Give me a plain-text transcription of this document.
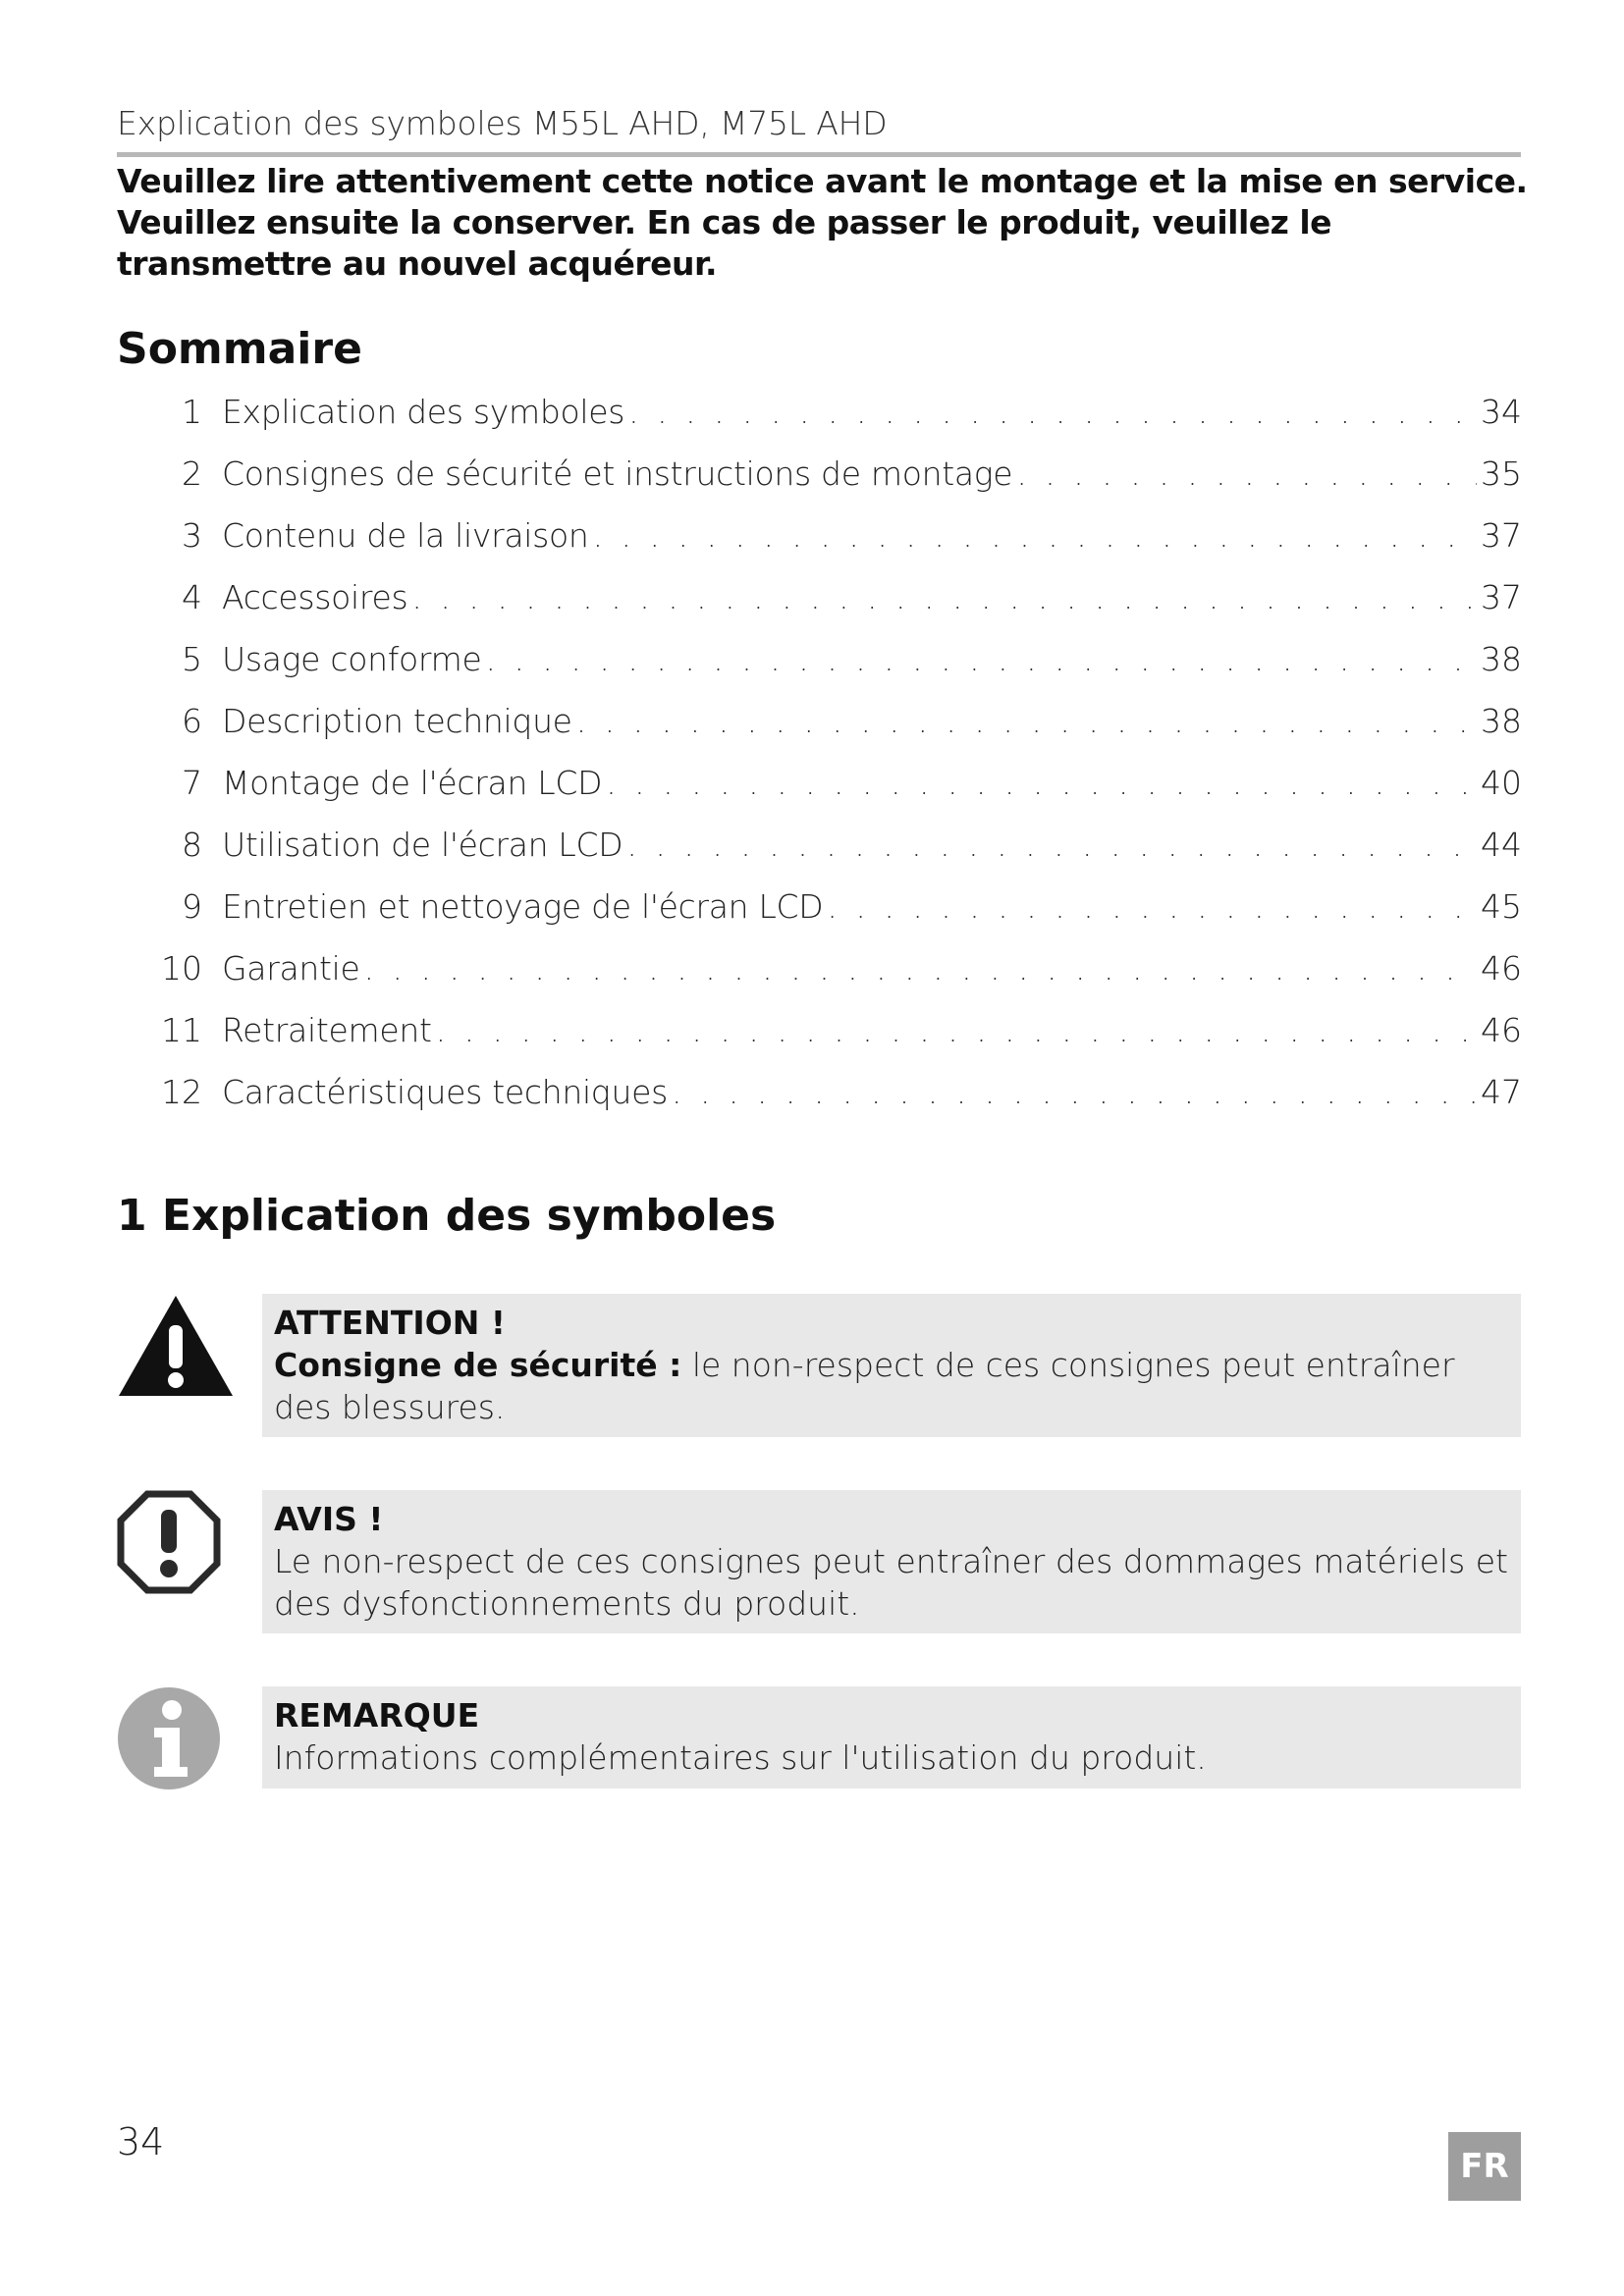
Explication des symboles M55L AHD, M75L AHD
Veuillez lire attentivement cette notice avant le montage et la mise en service. Veuillez ensuite la conserver. En cas de passer le produit, veuillez le transmettre au nouvel acquéreur.
Sommaire
1 Explication des symboles . . .	34
2 Consignes de sécurité et instructions de montage . . .	35
3 Contenu de la livraison . . .	37
4 Accessoires . . .	37
5 Usage conforme . . .	38
6 Description technique . . .	38
7 Montage de l'écran LCD . . .	40
8 Utilisation de l'écran LCD . . .	44
9 Entretien et nettoyage de l'écran LCD . . .	45
10 Garantie . . .	46
11 Retraitement . . .	46
12 Caractéristiques techniques . . .	47
1 Explication des symboles
ATTENTION !
Consigne de sécurité : le non-respect de ces consignes peut entraîner des blessures.
AVIS !
Le non-respect de ces consignes peut entraîner des dommages matériels et des dysfonctionnements du produit.
REMARQUE
Informations complémentaires sur l'utilisation du produit.
34
FR
